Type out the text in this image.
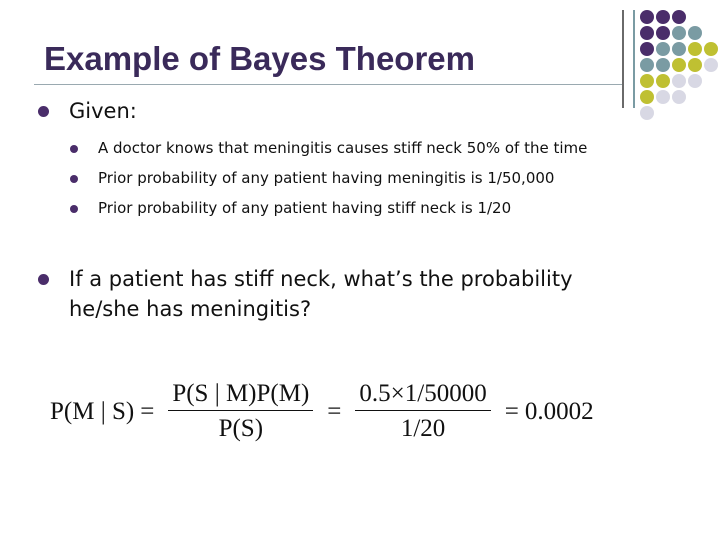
Example of Bayes Theorem
Given:
A doctor knows that meningitis causes stiff neck 50% of the time
Prior probability of any patient having meningitis is 1/50,000
Prior probability of any patient having stiff neck is 1/20
If a patient has stiff neck, what’s the probability
he/she has meningitis?
P(M | $S) = \frac{P(S | M)P(M)}{P(S)} = \frac{0.5\times 1/50000}{1/20} = 0.0002$
